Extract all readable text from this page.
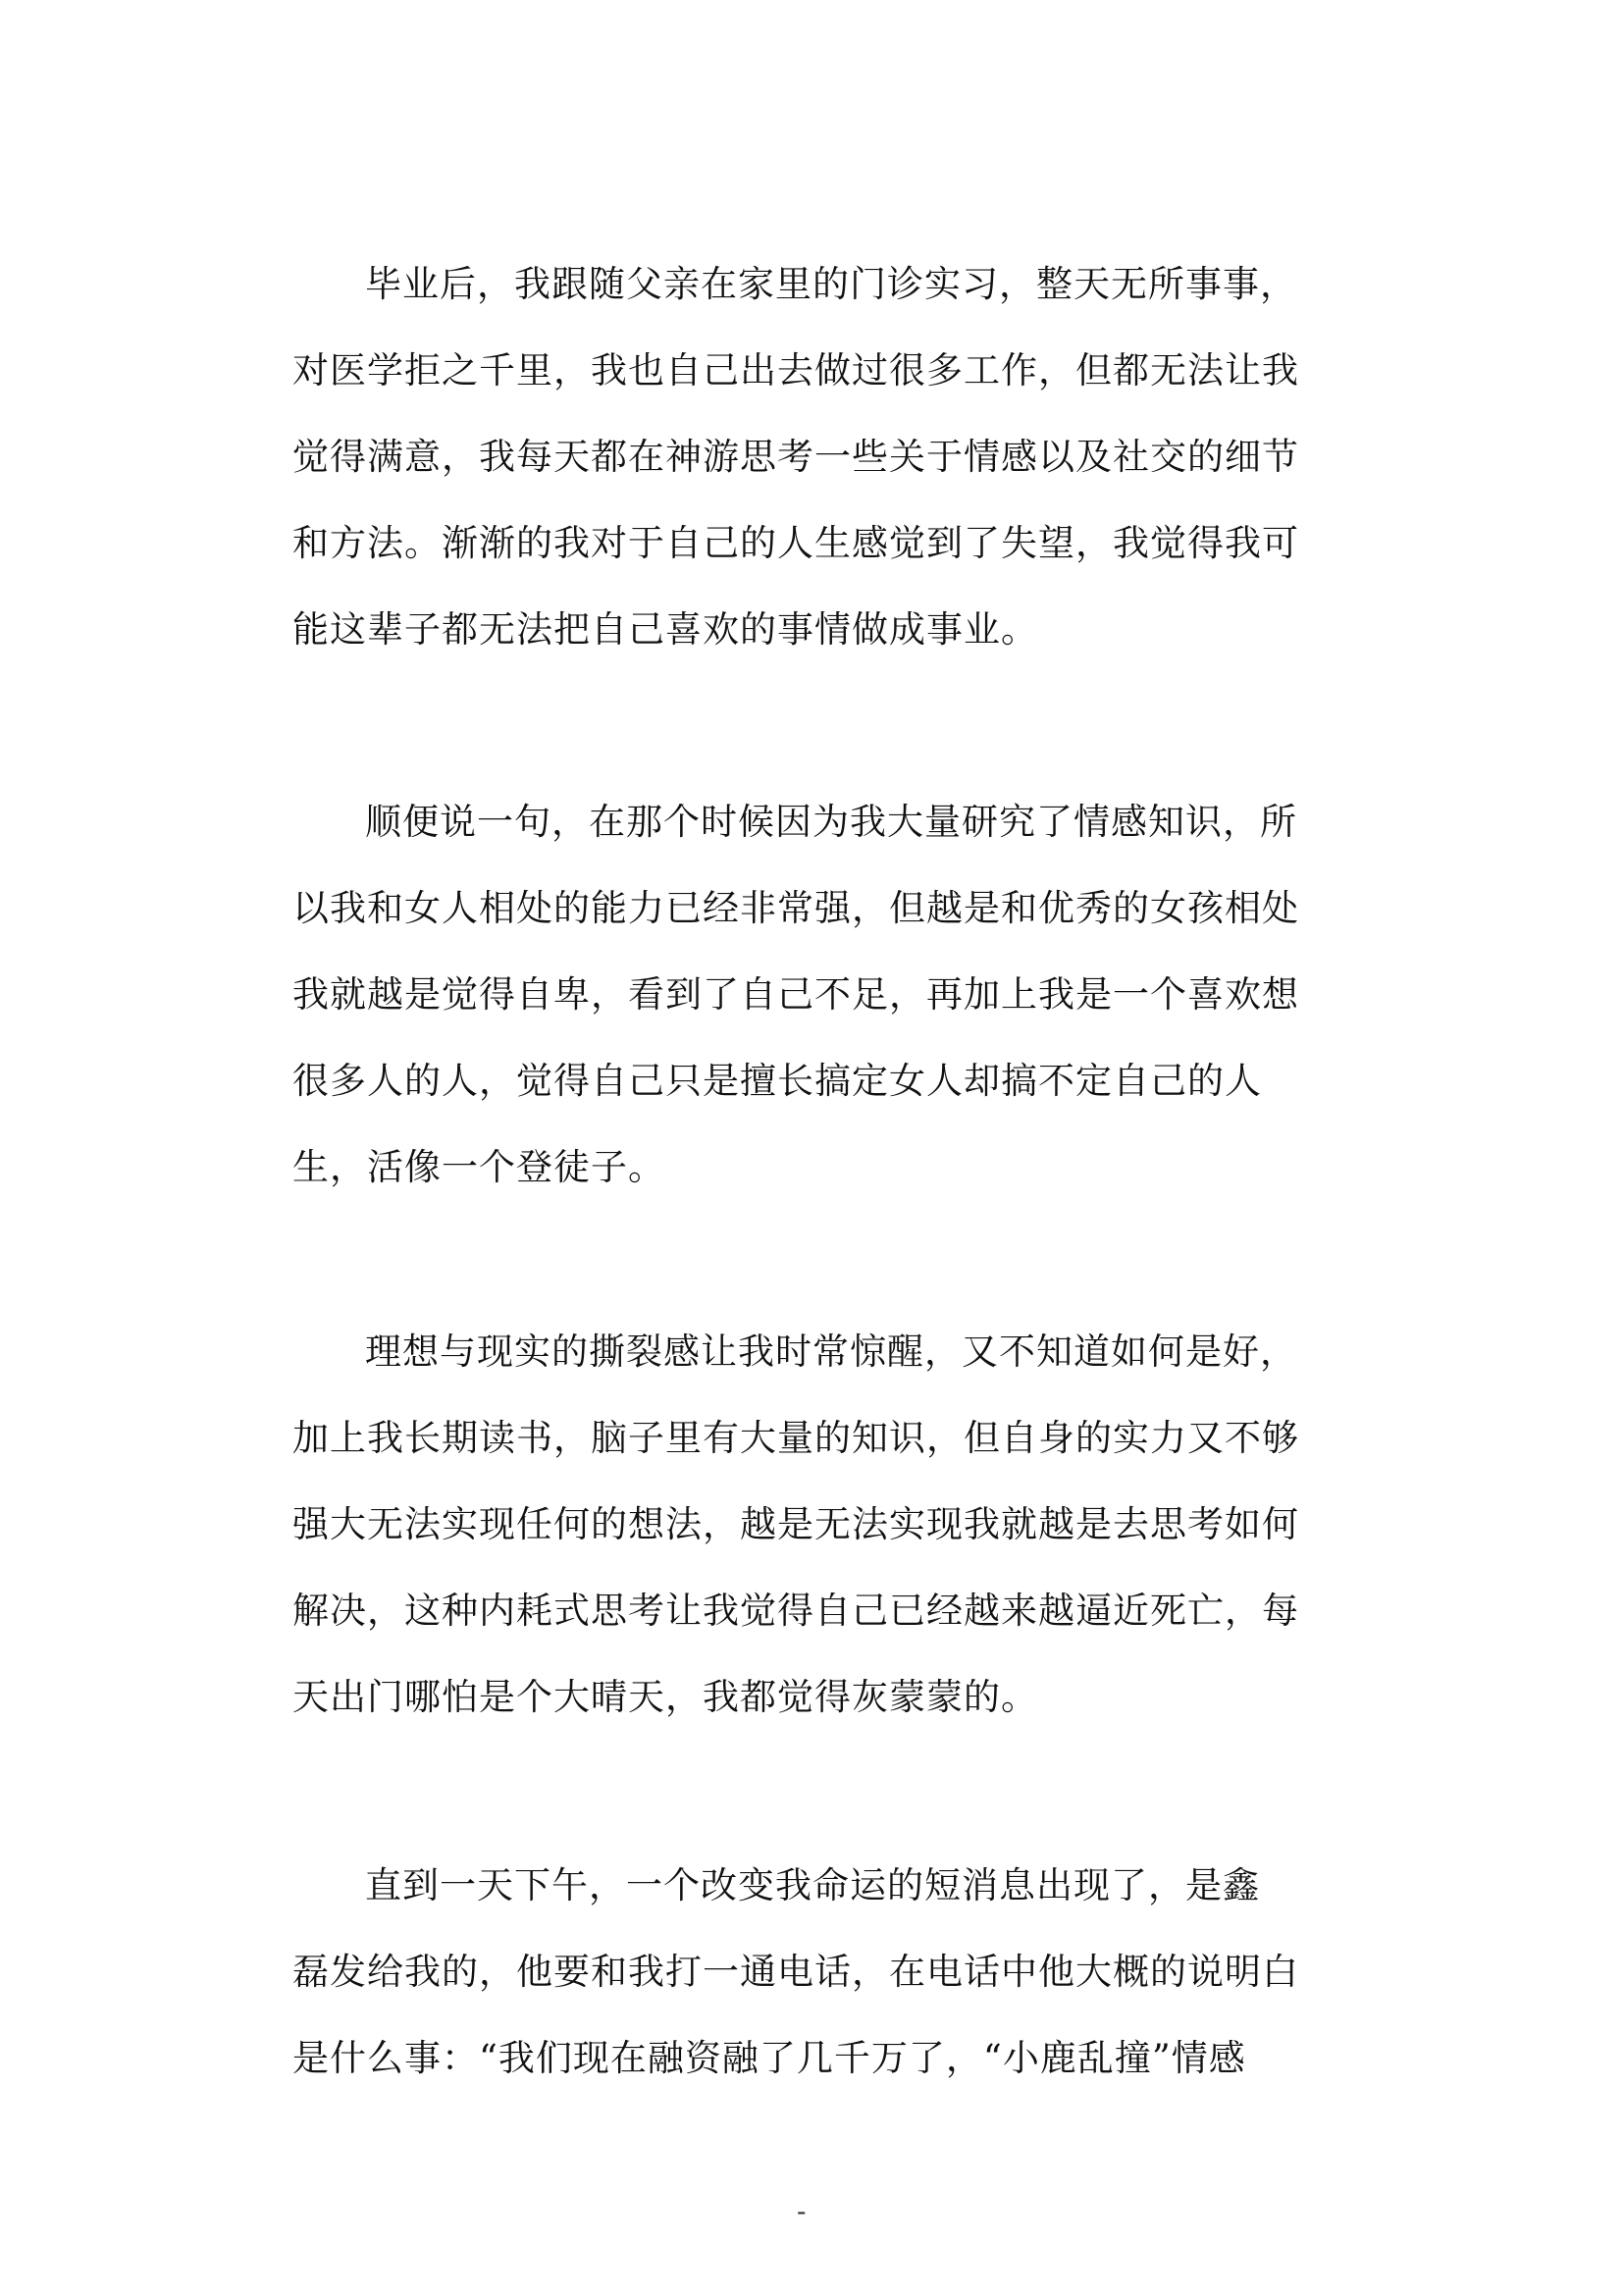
毕业后，我跟随父亲在家里的门诊实习，整天无所事事，
对医学拒之千里，我也自己出去做过很多工作，但都无法让我
觉得满意，我每天都在神游思考一些关于情感以及社交的细节
和方法。渐渐的我对于自己的人生感觉到了失望，我觉得我可
能这辈子都无法把自己喜欢的事情做成事业。
顺便说一句，在那个时候因为我大量研究了情感知识，所
以我和女人相处的能力已经非常强，但越是和优秀的女孩相处
我就越是觉得自卑，看到了自己不足，再加上我是一个喜欢想
很多人的人，觉得自己只是擅长搞定女人却搞不定自己的人
生，活像一个登徒子。
理想与现实的撕裂感让我时常惊醒，又不知道如何是好，
加上我长期读书，脑子里有大量的知识，但自身的实力又不够
强大无法实现任何的想法，越是无法实现我就越是去思考如何
解决，这种内耗式思考让我觉得自己已经越来越逼近死亡，每
天出门哪怕是个大晴天，我都觉得灰蒙蒙的。
直到一天下午，一个改变我命运的短消息出现了，是鑫
磊发给我的，他要和我打一通电话，在电话中他大概的说明白
是什么事：“我们现在融资融了几千万了，“小鹿乱撞”情感
-
